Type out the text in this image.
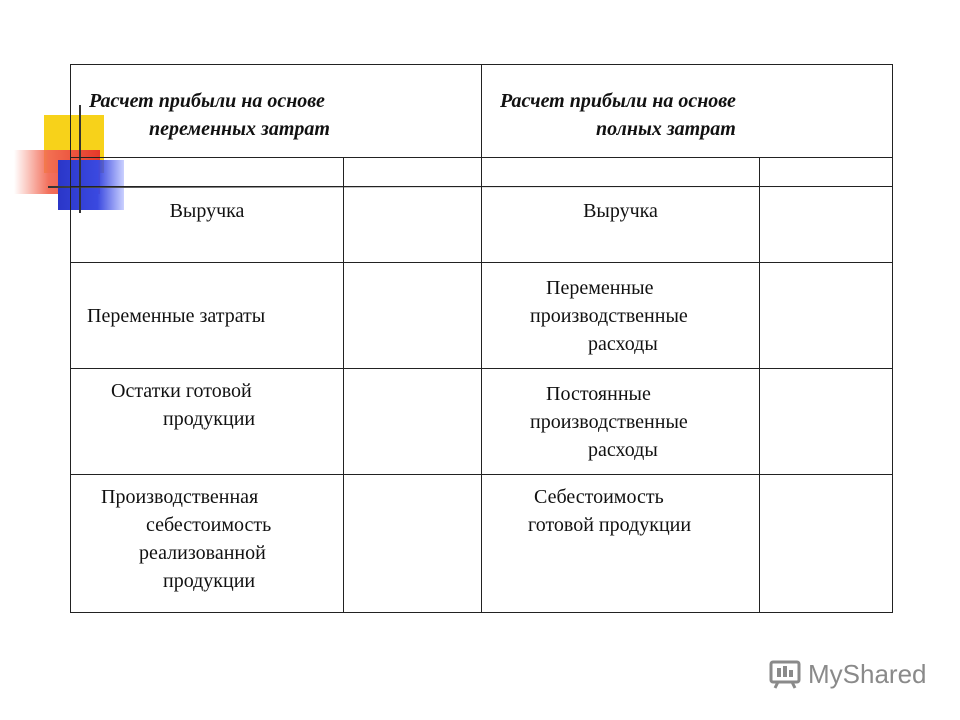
Расчет прибыли на основе
переменных затрат		Расчет прибыли на основе
полных затрат	

Выручка		Выручка	
Переменные затраты		Переменные
производственные
расходы	

Остатки готовой
продукции		Постоянные
производственные
расходы	

Производственная
себестоимость
реализованной
продукции		Себестоимость
готовой продукции	

MyShared
